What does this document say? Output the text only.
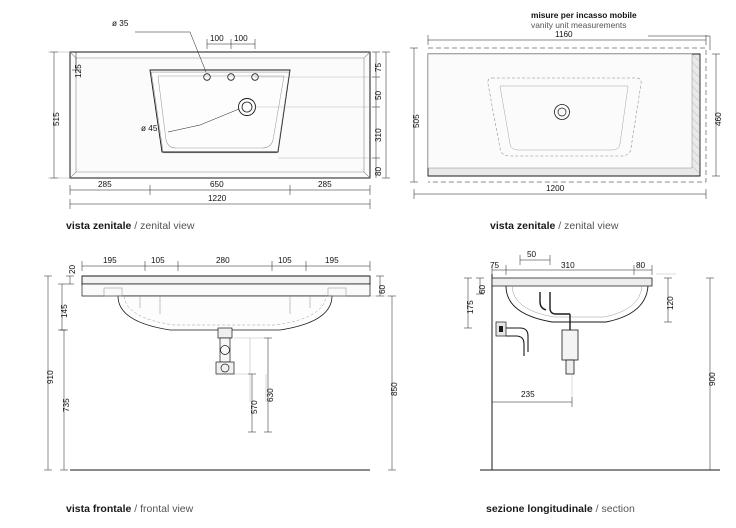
ø 35
ø 45
100 100
125
515
75
50
310
80
285	650	285
1220
vista zenitale / zenital view
misure per incasso mobile
vanity unit measurements
1160
505	460
1200
vista zenitale / zenital view
195	105	280	105	195
20
145
910
735	570
630
60
850
vista frontale / frontal view
50
75	310	80
60
175	120
900
235
sezione longitudinale / section
